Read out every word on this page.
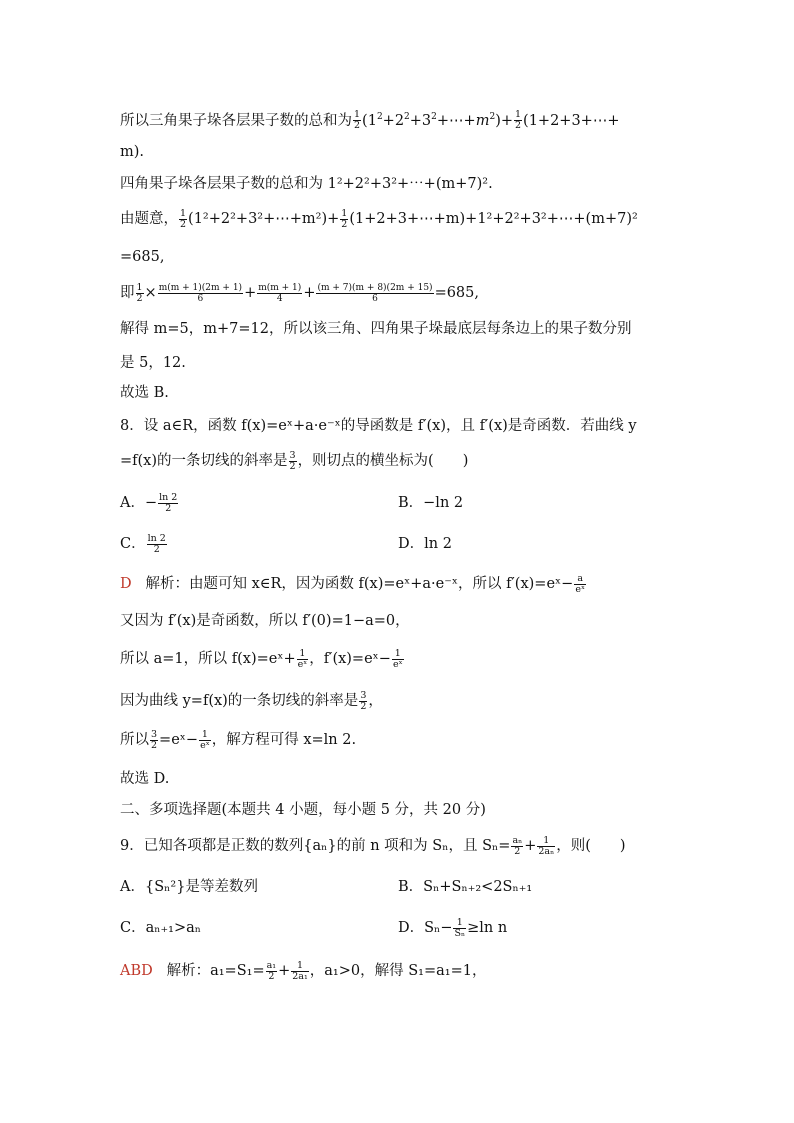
所以三角果子垛各层果子数的总和为 $\frac{1}{2}$ $(1^2+2^2+3^2+\cdots+m^2)+ \frac{1}{2}$ (1+2+3+⋯+
m).
四角果子垛各层果子数的总和为 1²+2²+3²+⋯+(m+7)².
由题意， $\frac{1}{2}$ (1²+2²+3²+⋯+m²)+ $\frac{1}{2}$ (1+2+3+⋯+m)+1²+2²+3²+⋯+(m+7)²
=685,
即 $\frac{1}{2} \times \frac{m(m + 1)(2m + 1)}{6} + \frac{m(m + 1)}{4} + \frac{(m + 7)(m + 8)(2m + 15)}{6} =685$,
解得 m=5，m+7=12，所以该三角、四角果子垛最底层每条边上的果子数分别
是 5，12.
故选 B.
8．设 a∈R，函数 f(x)=eˣ+a·e⁻ˣ的导函数是 f′(x)，且 f′(x)是奇函数．若曲线 y
=f(x)的一条切线的斜率是 $\frac{3}{2}$ ，则切点的横坐标为(　　)
A．− $\frac{\ln 2}{2}$	B．−ln 2
C． $\frac{\ln 2}{2}$	D．ln 2
D 解析：由题可知 x∈R，因为函数 f(x)=eˣ+a·e⁻ˣ，所以 f′(x)=eˣ− $\frac{a}{\text{eˣ}}$
又因为 f′(x)是奇函数，所以 f′(0)=1−a=0，
所以 a=1，所以 f(x)=eˣ+ $\frac{1}{\text{eˣ}}$ ，f′(x)=eˣ− $\frac{1}{\text{eˣ}}$
因为曲线 y=f(x)的一条切线的斜率是 $\frac{3}{2}$ ，
所以 $\frac{3}{2}$ =eˣ− $\frac{1}{\text{eˣ}}$ ，解方程可得 x=ln 2.
故选 D.
二、多项选择题(本题共 4 小题，每小题 5 分，共 20 分)
9．已知各项都是正数的数列{aₙ}的前 n 项和为 Sₙ，且 $S_n= \frac{\text{aₙ}}{2} + \frac{1}{\text{2aₙ}}$ ，则(　　)
A．{Sₙ²}是等差数列	B．Sₙ+Sₙ₊₂<2Sₙ₊₁
C．aₙ₊₁>aₙ	D．$S_n- \frac{1}{\text{Sₙ}} \ge\ln$ n
ABD 解析：$a_1=S_1= \frac{\text{a₁}}{2} + \frac{1}{\text{2a₁}}$ ，a₁>0，解得 S₁=a₁=1，
